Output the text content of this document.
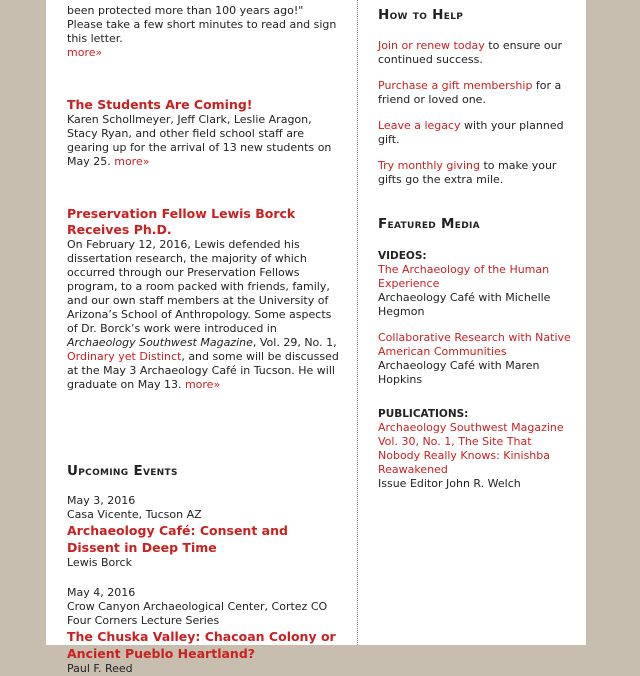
been protected more than 100 years ago!" Please take a few short minutes to read and sign this letter.
more»

The Students Are Coming!

Karen Schollmeyer, Jeff Clark, Leslie Aragon, Stacy Ryan, and other field school staff are gearing up for the arrival of 13 new students on May 25. more»

Preservation Fellow Lewis Borck Receives Ph.D.

On February 12, 2016, Lewis defended his dissertation research, the majority of which occurred through our Preservation Fellows program, to a room packed with friends, family, and our own staff members at the University of Arizona’s School of Anthropology. Some aspects of Dr. Borck’s work were introduced in Archaeology Southwest Magazine, Vol. 29, No. 1, Ordinary yet Distinct, and some will be discussed at the May 3 Archaeology Café in Tucson. He will graduate on May 13. more»

Upcoming Events
May 3, 2016
Casa Vicente, Tucson AZ
Archaeology Café: Consent and Dissent in Deep Time
Lewis Borck
May 4, 2016
Crow Canyon Archaeological Center, Cortez CO
Four Corners Lecture Series
The Chuska Valley: Chacoan Colony or Ancient Pueblo Heartland?
Paul F. Reed
How to Help

Join or renew today to ensure our continued success.

Purchase a gift membership for a friend or loved one.

Leave a legacy with your planned gift.

Try monthly giving to make your gifts go the extra mile.

Featured Media
VIDEOS:
The Archaeology of the Human Experience
Archaeology Café with Michelle Hegmon
Collaborative Research with Native American Communities
Archaeology Café with Maren Hopkins
PUBLICATIONS:
Archaeology Southwest Magazine Vol. 30, No. 1, The Site That Nobody Really Knows: Kinishba Reawakened
Issue Editor John R. Welch
